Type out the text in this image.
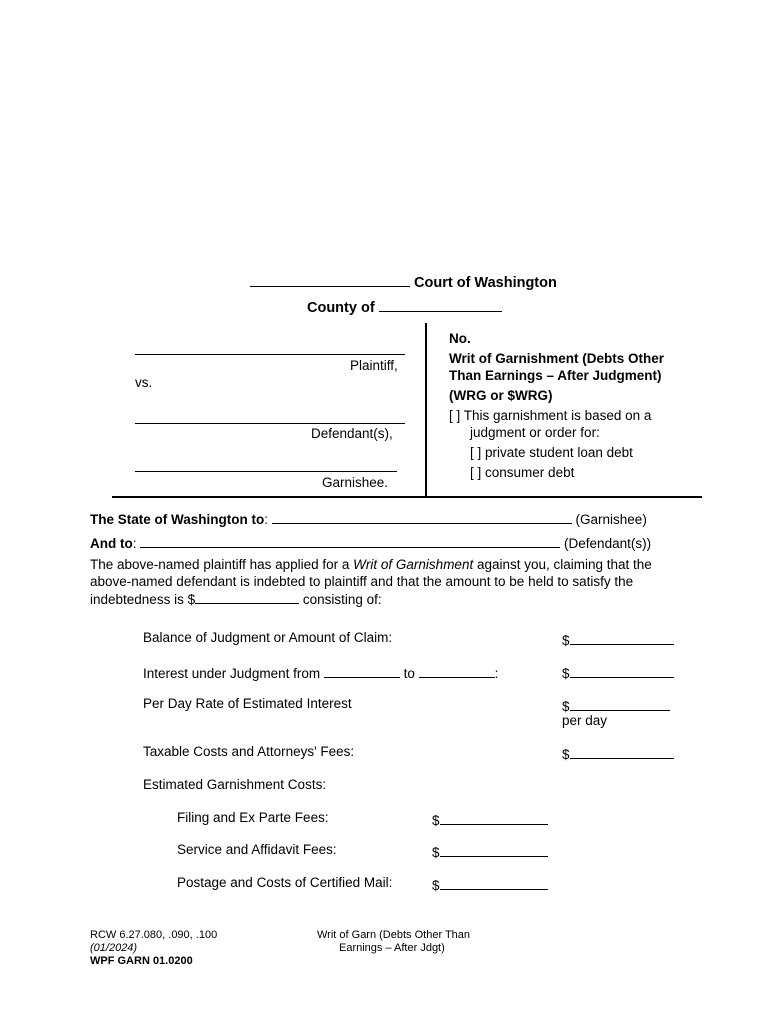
Court of Washington
County of
Plaintiff,
vs.
Defendant(s),
Garnishee.
No.
Writ of Garnishment (Debts Other
Than Earnings – After Judgment)
(WRG or $WRG)
[ ] This garnishment is based on a
judgment or order for:
[ ] private student loan debt
[ ] consumer debt
The State of Washington to:	(Garnishee)
And to:	(Defendant(s))
The above-named plaintiff has applied for a Writ of Garnishment against you, claiming that the
above-named defendant is indebted to plaintiff and that the amount to be held to satisfy the
indebtedness is $	consisting of:
Balance of Judgment or Amount of Claim:	$
Interest under Judgment from	to	:	$
Per Day Rate of Estimated Interest	$
per day
Taxable Costs and Attorneys' Fees:	$
Estimated Garnishment Costs:
Filing and Ex Parte Fees:	$
Service and Affidavit Fees:	$
Postage and Costs of Certified Mail:	$
RCW 6.27.080, .090, .100
(01/2024)
WPF GARN 01.0200
Writ of Garn (Debts Other Than
Earnings – After Jdgt)
